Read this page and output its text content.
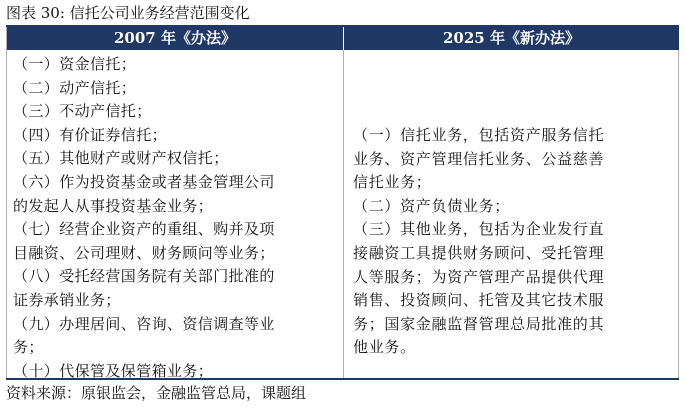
图表 30: 信托公司业务经营范围变化
2007 年《办法》	2025 年《新办法》
（一）资金信托；
（二）动产信托；
（三）不动产信托；
（四）有价证券信托；
（五）其他财产或财产权信托；
（六）作为投资基金或者基金管理公司
的发起人从事投资基金业务；
（七）经营企业资产的重组、购并及项
目融资、公司理财、财务顾问等业务；
（八）受托经营国务院有关部门批准的
证券承销业务；
（九）办理居间、咨询、资信调查等业
务；
（十）代保管及保管箱业务；
（一）信托业务，包括资产服务信托
业务、资产管理信托业务、公益慈善
信托业务；
（二）资产负债业务；
（三）其他业务，包括为企业发行直
接融资工具提供财务顾问、受托管理
人等服务；为资产管理产品提供代理
销售、投资顾问、托管及其它技术服
务；国家金融监督管理总局批准的其
他业务。
资料来源：原银监会，金融监管总局，课题组
